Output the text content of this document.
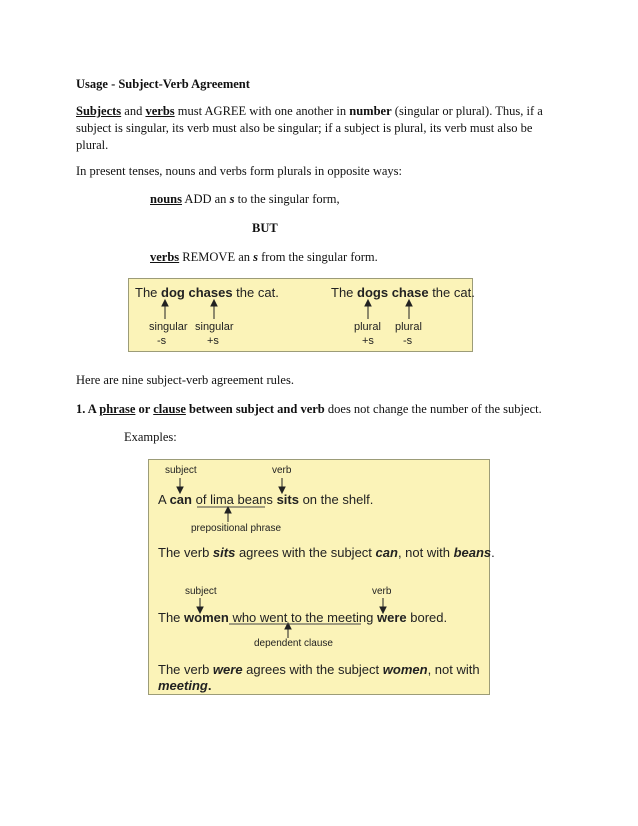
Usage - Subject-Verb Agreement
Subjects and verbs must AGREE with one another in number (singular or plural). Thus, if a
subject is singular, its verb must also be singular; if a subject is plural, its verb must also be
plural.
In present tenses, nouns and verbs form plurals in opposite ways:
nouns ADD an s to the singular form,
BUT
verbs REMOVE an s from the singular form.
The dog chases the cat.	The dogs chase the cat.
singular
-s
singular
+s
plural
+s
plural
-s
Here are nine subject-verb agreement rules.
1. A phrase or clause between subject and verb does not change the number of the subject.
Examples:
subject	verb
A can of lima beans sits on the shelf.
prepositional phrase
The verb sits agrees with the subject can, not with beans.
subject	verb
The women who went to the meeting were bored.
dependent clause
The verb were agrees with the subject women, not with
meeting.
